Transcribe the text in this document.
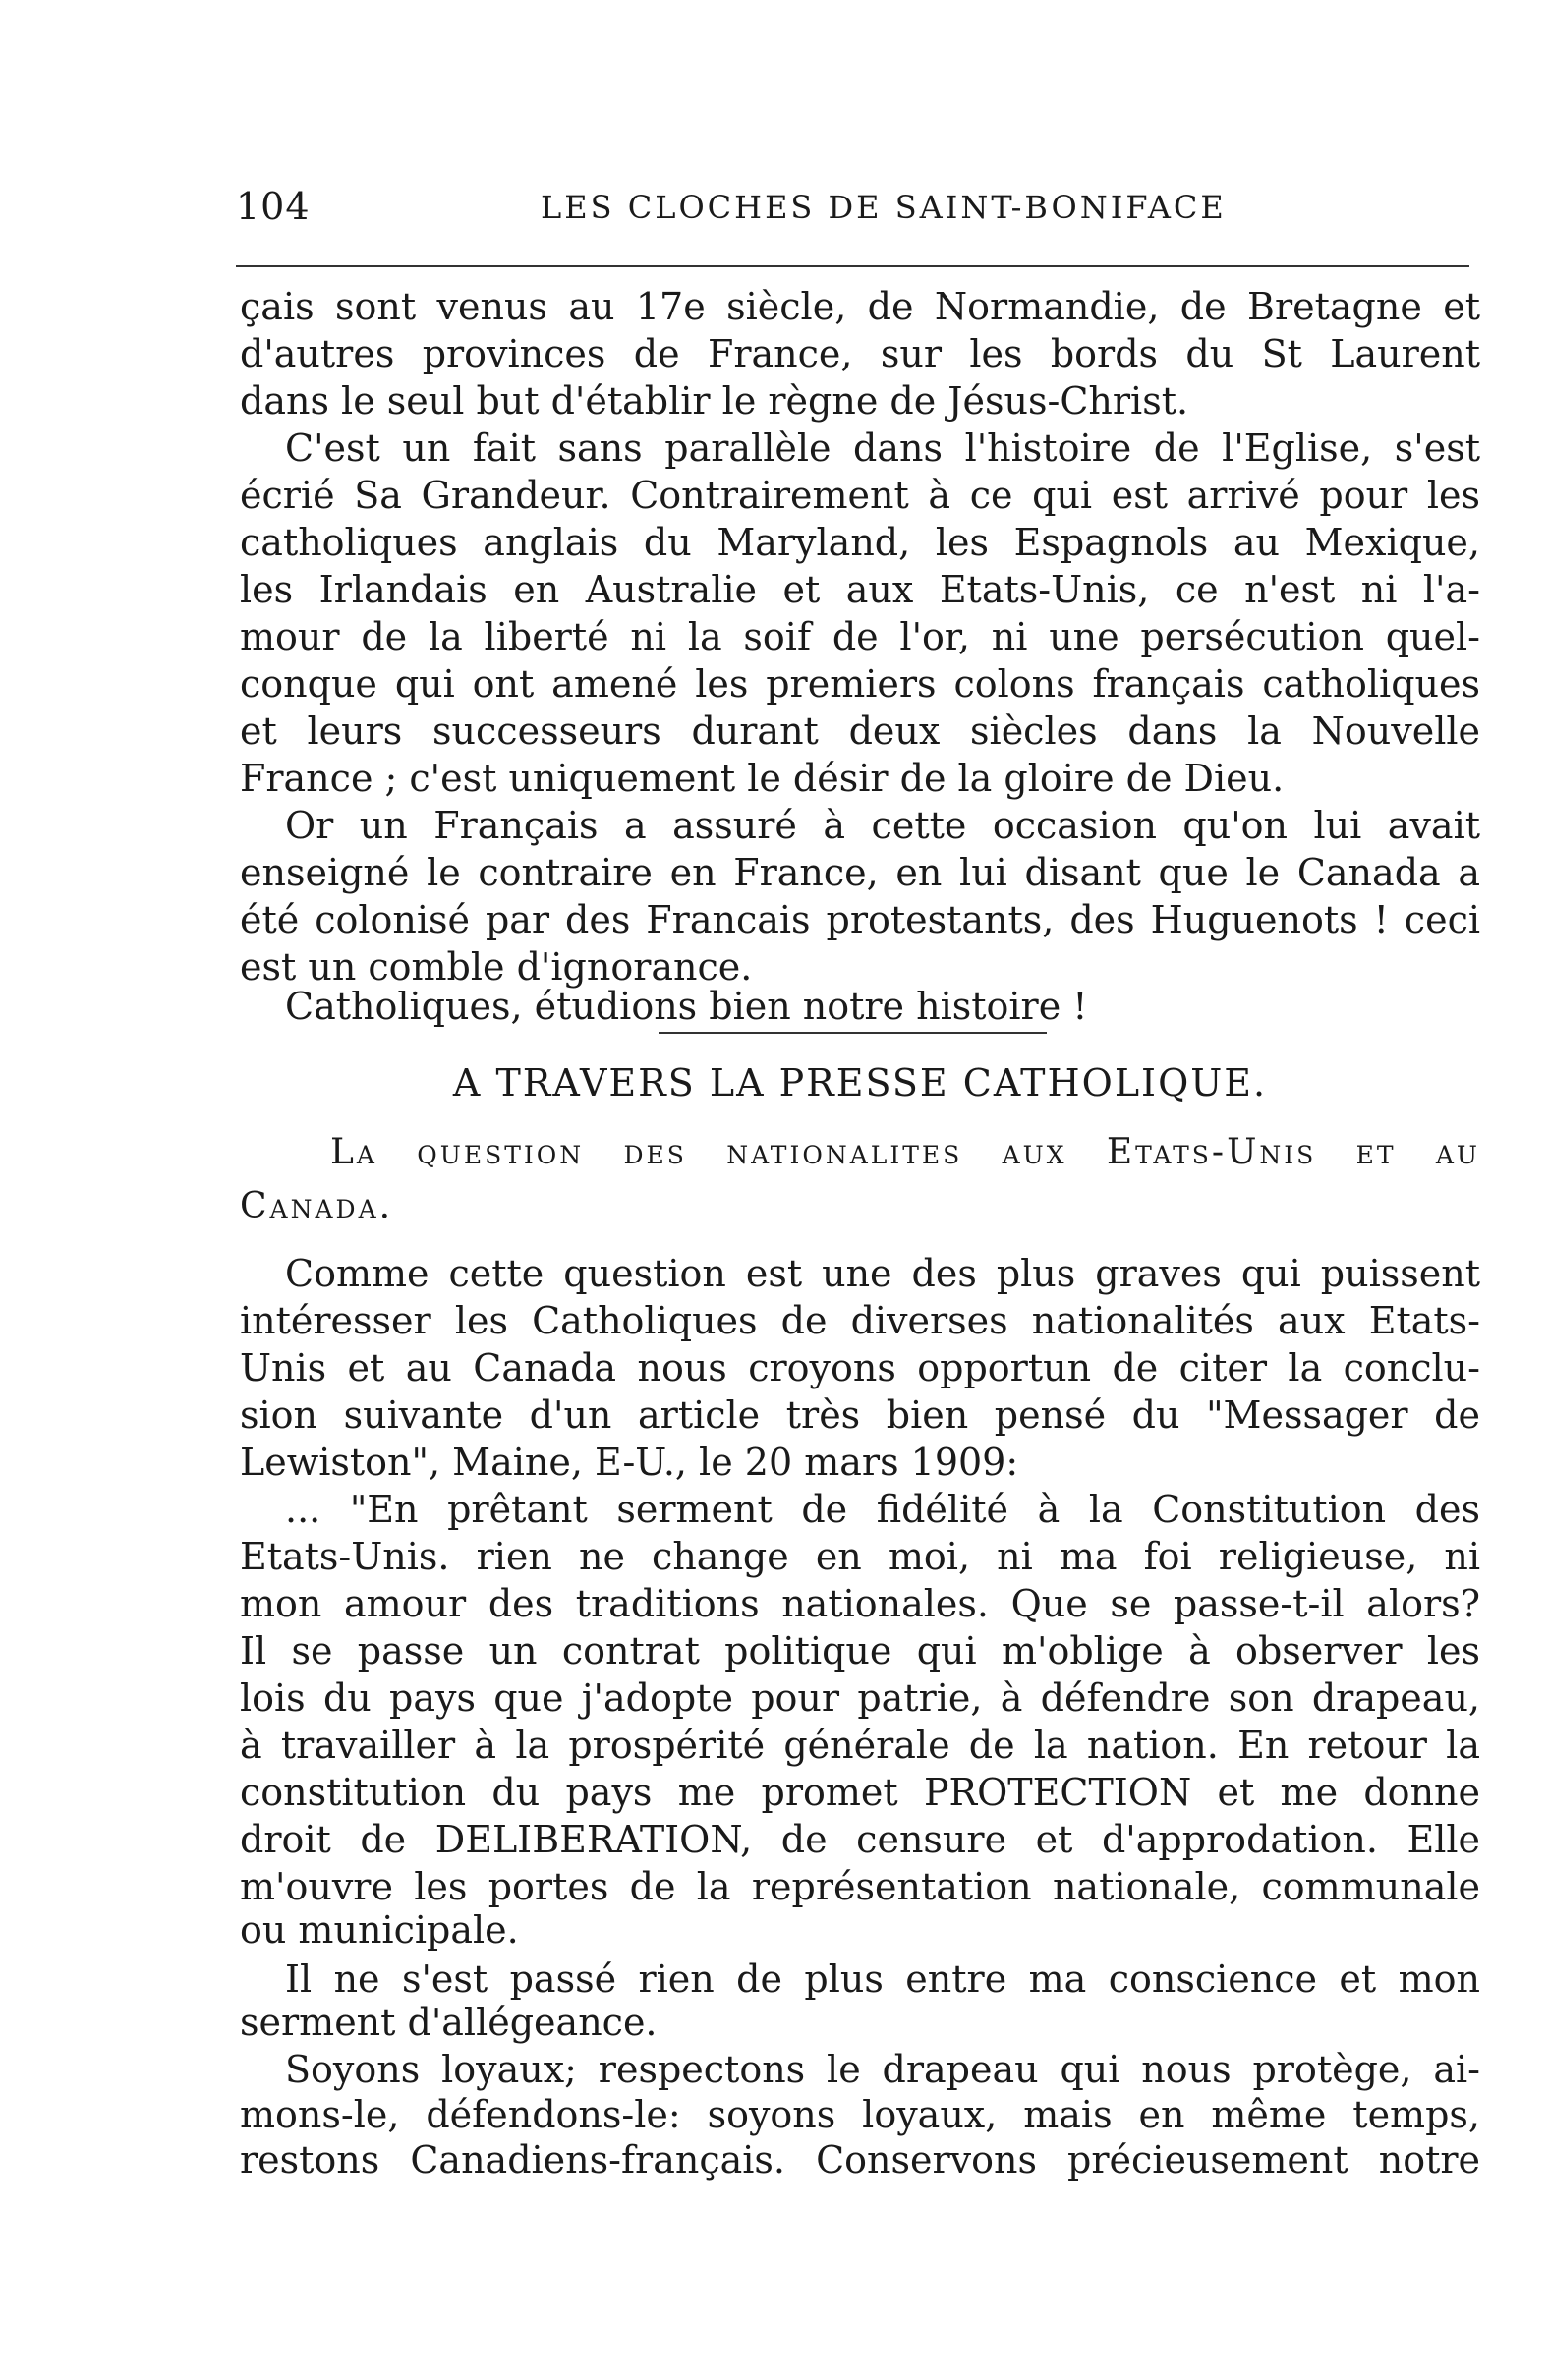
104	LES CLOCHES DE SAINT-BONIFACE
çais sont venus au 17e siècle, de Normandie, de Bretagne et
d'autres provinces de France, sur les bords du St Laurent
dans le seul but d'établir le règne de Jésus-Christ.
C'est un fait sans parallèle dans l'histoire de l'Eglise, s'est
écrié Sa Grandeur. Contrairement à ce qui est arrivé pour les
catholiques anglais du Maryland, les Espagnols au Mexique,
les Irlandais en Australie et aux Etats-Unis, ce n'est ni l'a-
mour de la liberté ni la soif de l'or, ni une persécution quel-
conque qui ont amené les premiers colons français catholiques
et leurs successeurs durant deux siècles dans la Nouvelle
France ; c'est uniquement le désir de la gloire de Dieu.
Or un Français a assuré à cette occasion qu'on lui avait
enseigné le contraire en France, en lui disant que le Canada a
été colonisé par des Francais protestants, des Huguenots ! ceci
est un comble d'ignorance.
Catholiques, étudions bien notre histoire !
A TRAVERS LA PRESSE CATHOLIQUE.
La question des nationalites aux Etats-Unis et au
Canada.
Comme cette question est une des plus graves qui puissent
intéresser les Catholiques de diverses nationalités aux Etats-
Unis et au Canada nous croyons opportun de citer la conclu-
sion suivante d'un article très bien pensé du "Messager de
Lewiston", Maine, E-U., le 20 mars 1909:
... "En prêtant serment de fidélité à la Constitution des
Etats-Unis. rien ne change en moi, ni ma foi religieuse, ni
mon amour des traditions nationales. Que se passe-t-il alors?
Il se passe un contrat politique qui m'oblige à observer les
lois du pays que j'adopte pour patrie, à défendre son drapeau,
à travailler à la prospérité générale de la nation. En retour la
constitution du pays me promet PROTECTION et me donne
droit de DELIBERATION, de censure et d'approdation. Elle
m'ouvre les portes de la représentation nationale, communale
ou municipale.
Il ne s'est passé rien de plus entre ma conscience et mon
serment d'allégeance.
Soyons loyaux; respectons le drapeau qui nous protège, ai-
mons-le, défendons-le: soyons loyaux, mais en même temps,
restons Canadiens-français. Conservons précieusement notre
